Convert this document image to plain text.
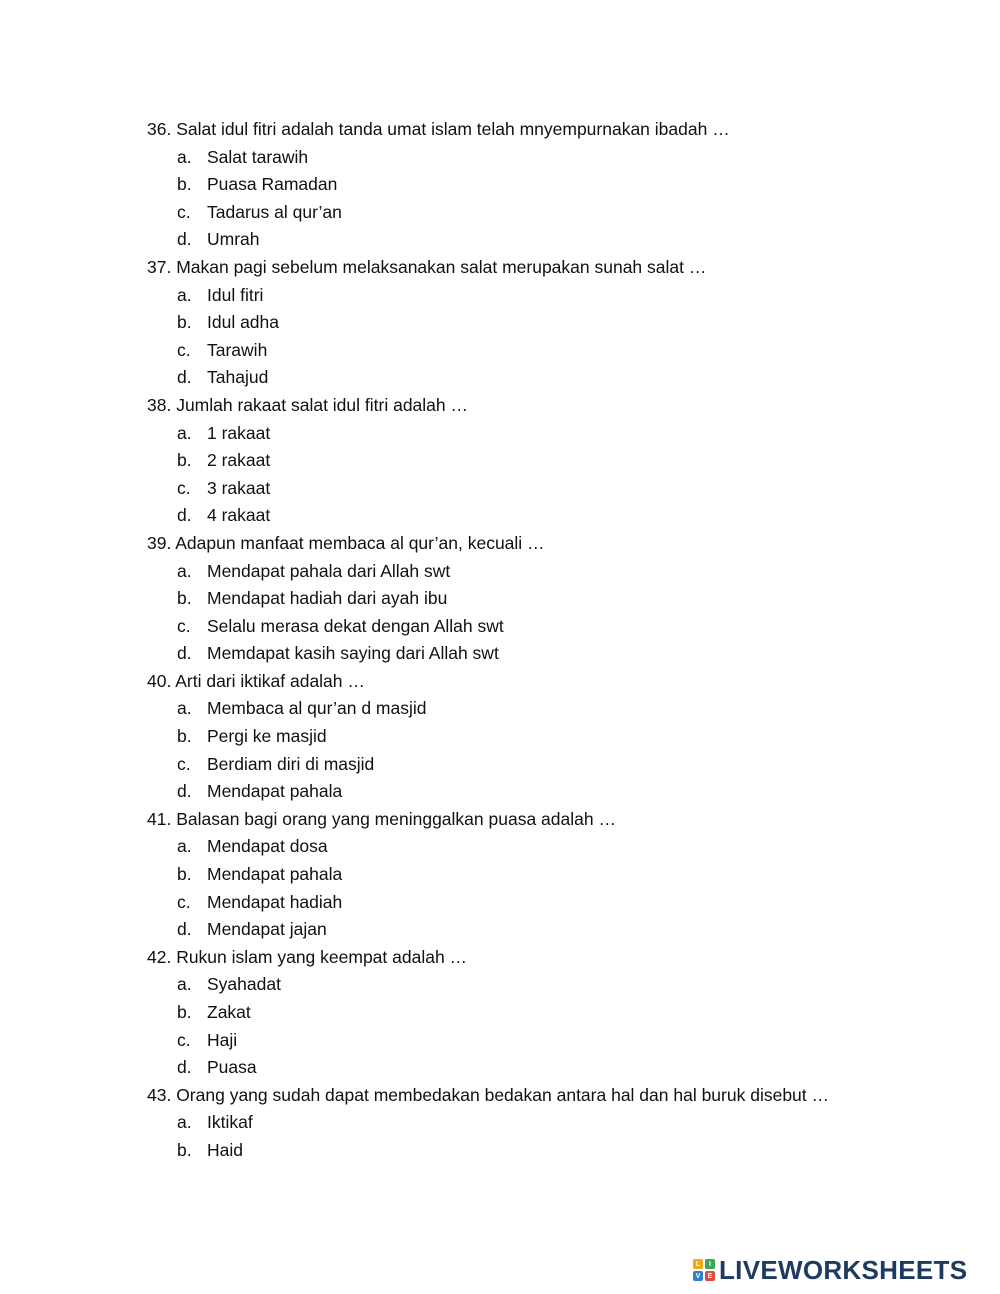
36. Salat idul fitri adalah tanda umat islam telah mnyempurnakan ibadah …
a. Salat tarawih
b. Puasa Ramadan
c. Tadarus al qur’an
d. Umrah
37. Makan pagi sebelum melaksanakan salat merupakan sunah salat …
a. Idul fitri
b. Idul adha
c. Tarawih
d. Tahajud
38. Jumlah rakaat salat idul fitri adalah …
a. 1 rakaat
b. 2 rakaat
c. 3 rakaat
d. 4 rakaat
39. Adapun manfaat membaca al qur’an, kecuali …
a. Mendapat pahala dari Allah swt
b. Mendapat hadiah dari ayah ibu
c. Selalu merasa dekat dengan Allah swt
d. Memdapat kasih saying dari Allah swt
40. Arti dari iktikaf adalah …
a. Membaca al qur’an d masjid
b. Pergi ke masjid
c. Berdiam diri di masjid
d. Mendapat pahala
41. Balasan bagi orang yang meninggalkan puasa adalah …
a. Mendapat dosa
b. Mendapat pahala
c. Mendapat hadiah
d. Mendapat jajan
42. Rukun islam yang keempat adalah …
a. Syahadat
b. Zakat
c. Haji
d. Puasa
43. Orang yang sudah dapat membedakan bedakan antara hal dan hal buruk disebut …
a. Iktikaf
b. Haid
L	I
V	E LIVEWORKSHEETS
